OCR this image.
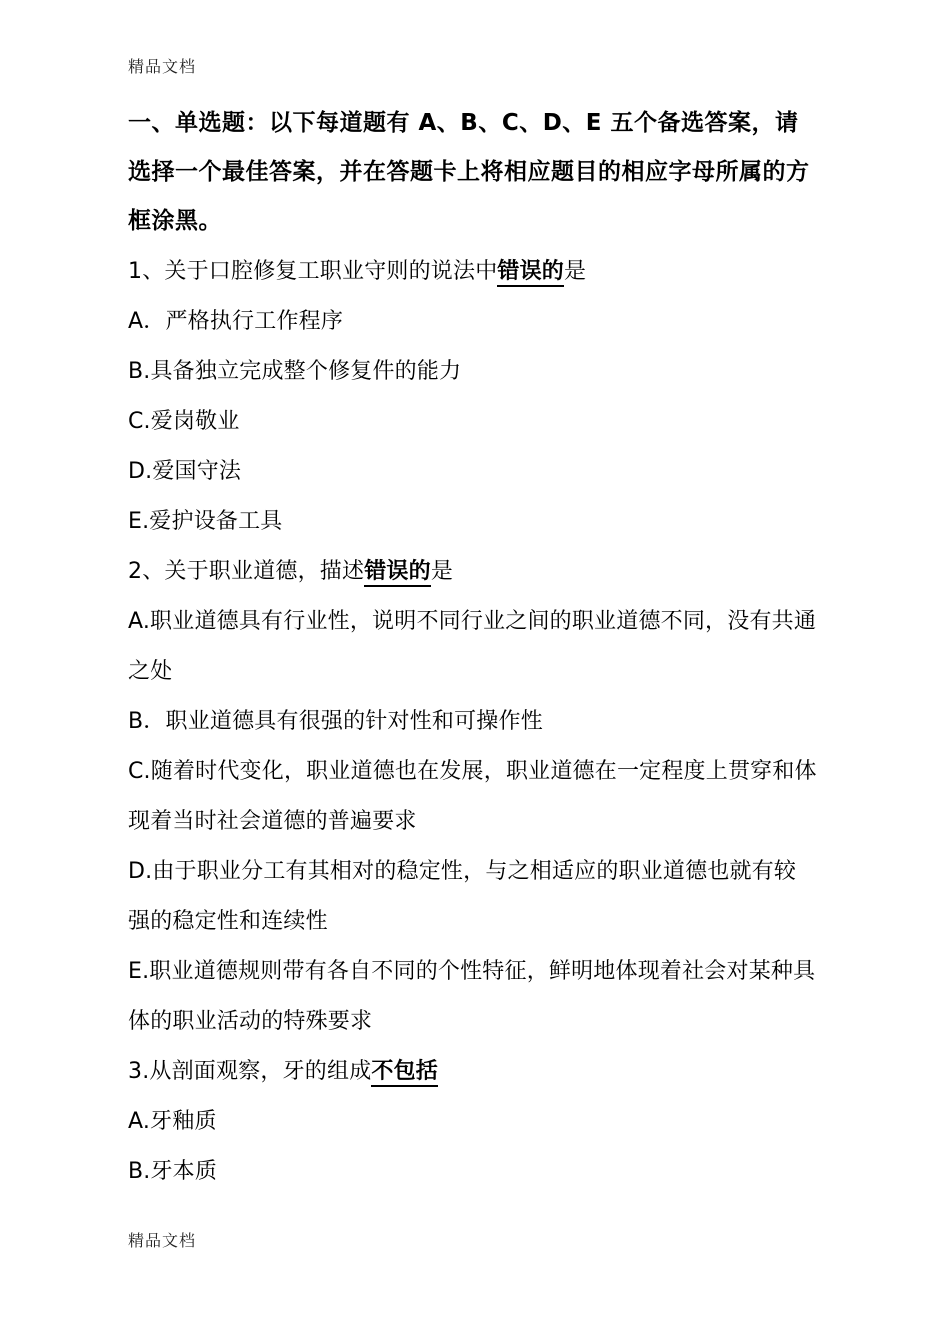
精品文档
一、单选题：以下每道题有 A、B、C、D、E 五个备选答案，请选择一个最佳答案，并在答题卡上将相应题目的相应字母所属的方框涂黑。
1、关于口腔修复工职业守则的说法中错误的是
A．严格执行工作程序
B.具备独立完成整个修复件的能力
C.爱岗敬业
D.爱国守法
E.爱护设备工具
2、关于职业道德，描述错误的是
A.职业道德具有行业性，说明不同行业之间的职业道德不同，没有共通之处
B．职业道德具有很强的针对性和可操作性
C.随着时代变化，职业道德也在发展，职业道德在一定程度上贯穿和体现着当时社会道德的普遍要求
D.由于职业分工有其相对的稳定性，与之相适应的职业道德也就有较强的稳定性和连续性
E.职业道德规则带有各自不同的个性特征，鲜明地体现着社会对某种具体的职业活动的特殊要求
3.从剖面观察，牙的组成不包括
A.牙釉质
B.牙本质
精品文档
